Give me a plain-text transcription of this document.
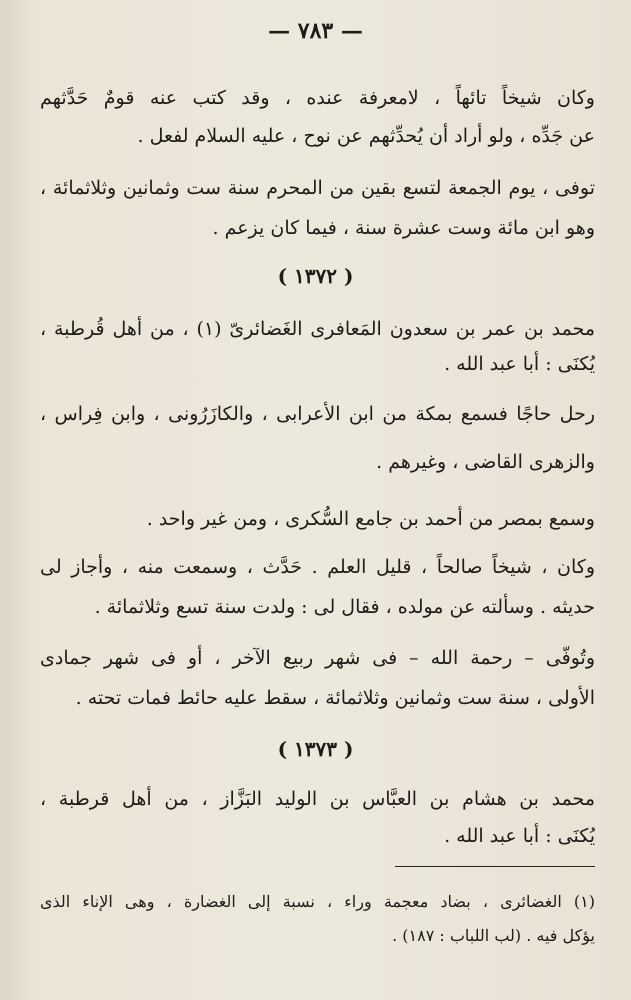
— ٧٨٣ —
وكان شيخاً تائهاً ، لامعرفة عنده ، وقد كتب عنه قومٌ حَدَّثهم
عن جَدِّه ، ولو أراد أن يُحدِّثهم عن نوح ، عليه السلام لفعل .
توفى ، يوم الجمعة لتسع بقين من المحرم سنة ست وثمانين وثلاثمائة ،
وهو ابن مائة وست عشرة سنة ، فيما كان يزعم .
( ١٣٧٢ )
محمد بن عمر بن سعدون المَعافرى الغَضائرىّ (١) ، من أهل قُرطبة ،
يُكنَى : أبا عبد الله .
رحل حاجًا فسمع بمكة من ابن الأعرابى ، والكازَرُونى ، وابن فِراس ،
والزهرى القاضى ، وغيرهم .
وسمع بمصر من أحمد بن جامع السُّكرى ، ومن غير واحد .
وكان ، شيخاً صالحاً ، قليل العلم . حَدَّث ، وسمعت منه ، وأجاز لى
حديثه . وسألته عن مولده ، فقال لى : ولدت سنة تسع وثلاثمائة .
وتُوفّى – رحمة الله – فى شهر ربيع الآخر ، أو فى شهر جمادى
الأولى ، سنة ست وثمانين وثلاثمائة ، سقط عليه حائط فمات تحته .
( ١٣٧٣ )
محمد بن هشام بن العبَّاس بن الوليد البَزَّاز ، من أهل قرطبة ،
يُكنَى : أبا عبد الله .
(١) الغضائرى ، بضاد معجمة وراء ، نسبة إلى الغضارة ، وهى الإناء الذى
يؤكل فيه . (لب اللباب : ١٨٧) .
